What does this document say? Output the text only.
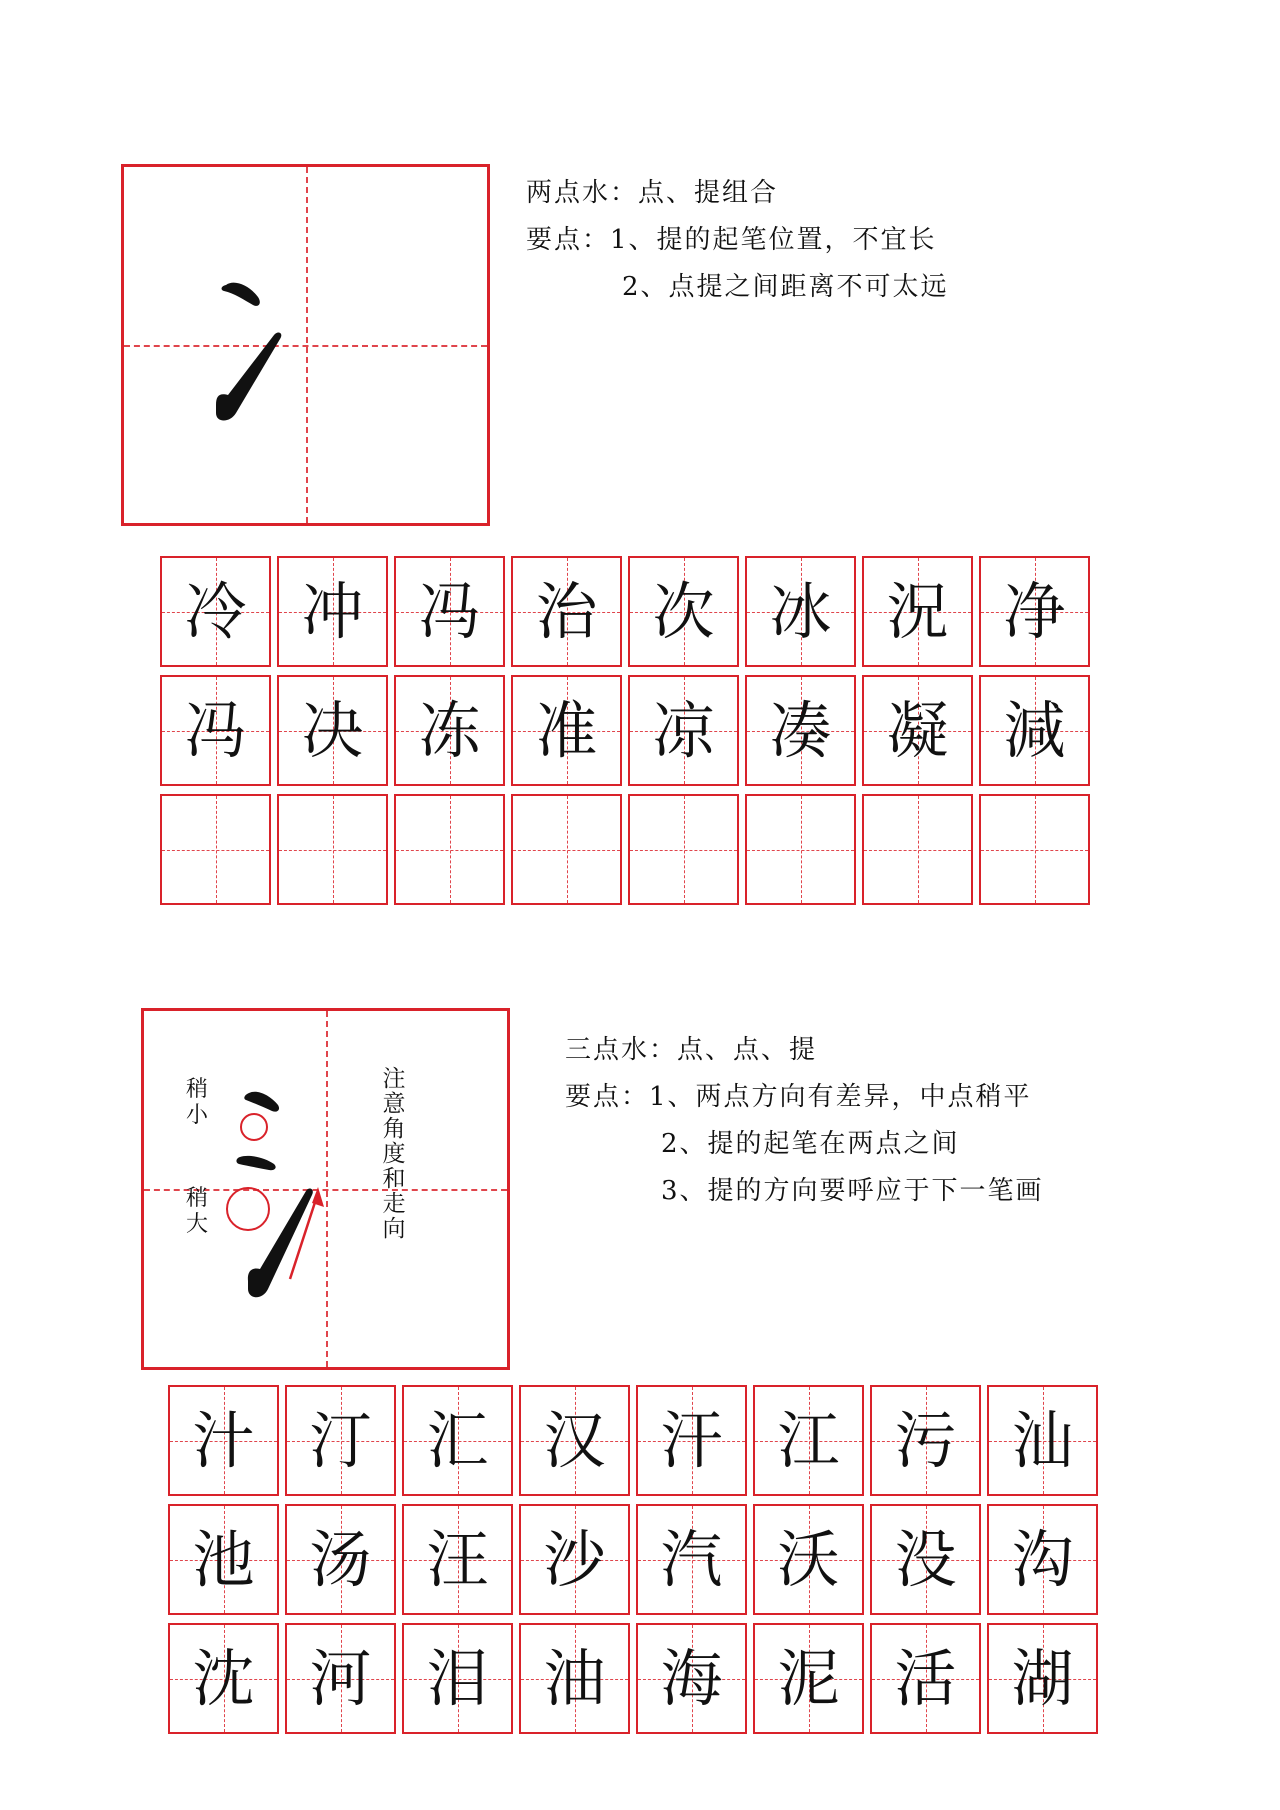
两点水：点、提组合
要点：1、提的起笔位置，不宜长
2、点提之间距离不可太远
冷 冲 冯 治 次 冰 況 净
冯 决 冻 准 凉 凑 凝 減
稍小
稍大
注意角度和走向
三点水：点、点、提
要点：1、两点方向有差异，中点稍平
2、提的起笔在两点之间
3、提的方向要呼应于下一笔画
汁 汀 汇 汉 汗 江 污 汕
池 汤 汪 沙 汽 沃 没 沟
沈 河 泪 油 海 泥 活 湖
